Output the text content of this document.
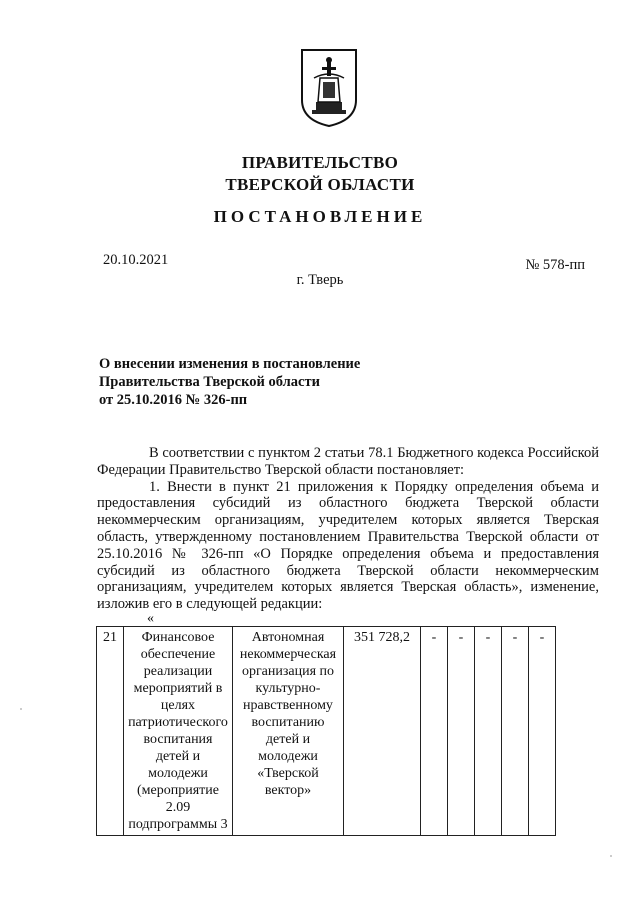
ПРАВИТЕЛЬСТВО
ТВЕРСКОЙ ОБЛАСТИ
ПОСТАНОВЛЕНИЕ
20.10.2021	№ 578-пп
г. Тверь
О внесении изменения в постановление
Правительства Тверской области
от 25.10.2016 № 326-пп

В соответствии с пунктом 2 статьи 78.1 Бюджетного кодекса Российской Федерации Правительство Тверской области постановляет:

1. Внести в пункт 21 приложения к Порядку определения объема и предоставления субсидий из областного бюджета Тверской области некоммерческим организациям, учредителем которых является Тверская область, утвержденному постановлением Правительства Тверской области от 25.10.2016 № 326-пп «О Порядке определения объема и предоставления субсидий из областного бюджета Тверской области некоммерческим организациям, учредителем которых является Тверская область», изменение, изложив его в следующей редакции:

«
21	Финансовое обеспечение реализации мероприятий в целях патриотического воспитания детей и молодежи (мероприятие 2.09 подпрограммы 3	Автономная некоммерческая организация по культурно-нравственному воспитанию детей и молодежи «Тверской вектор»	351 728,2	-	-	-	-	-
